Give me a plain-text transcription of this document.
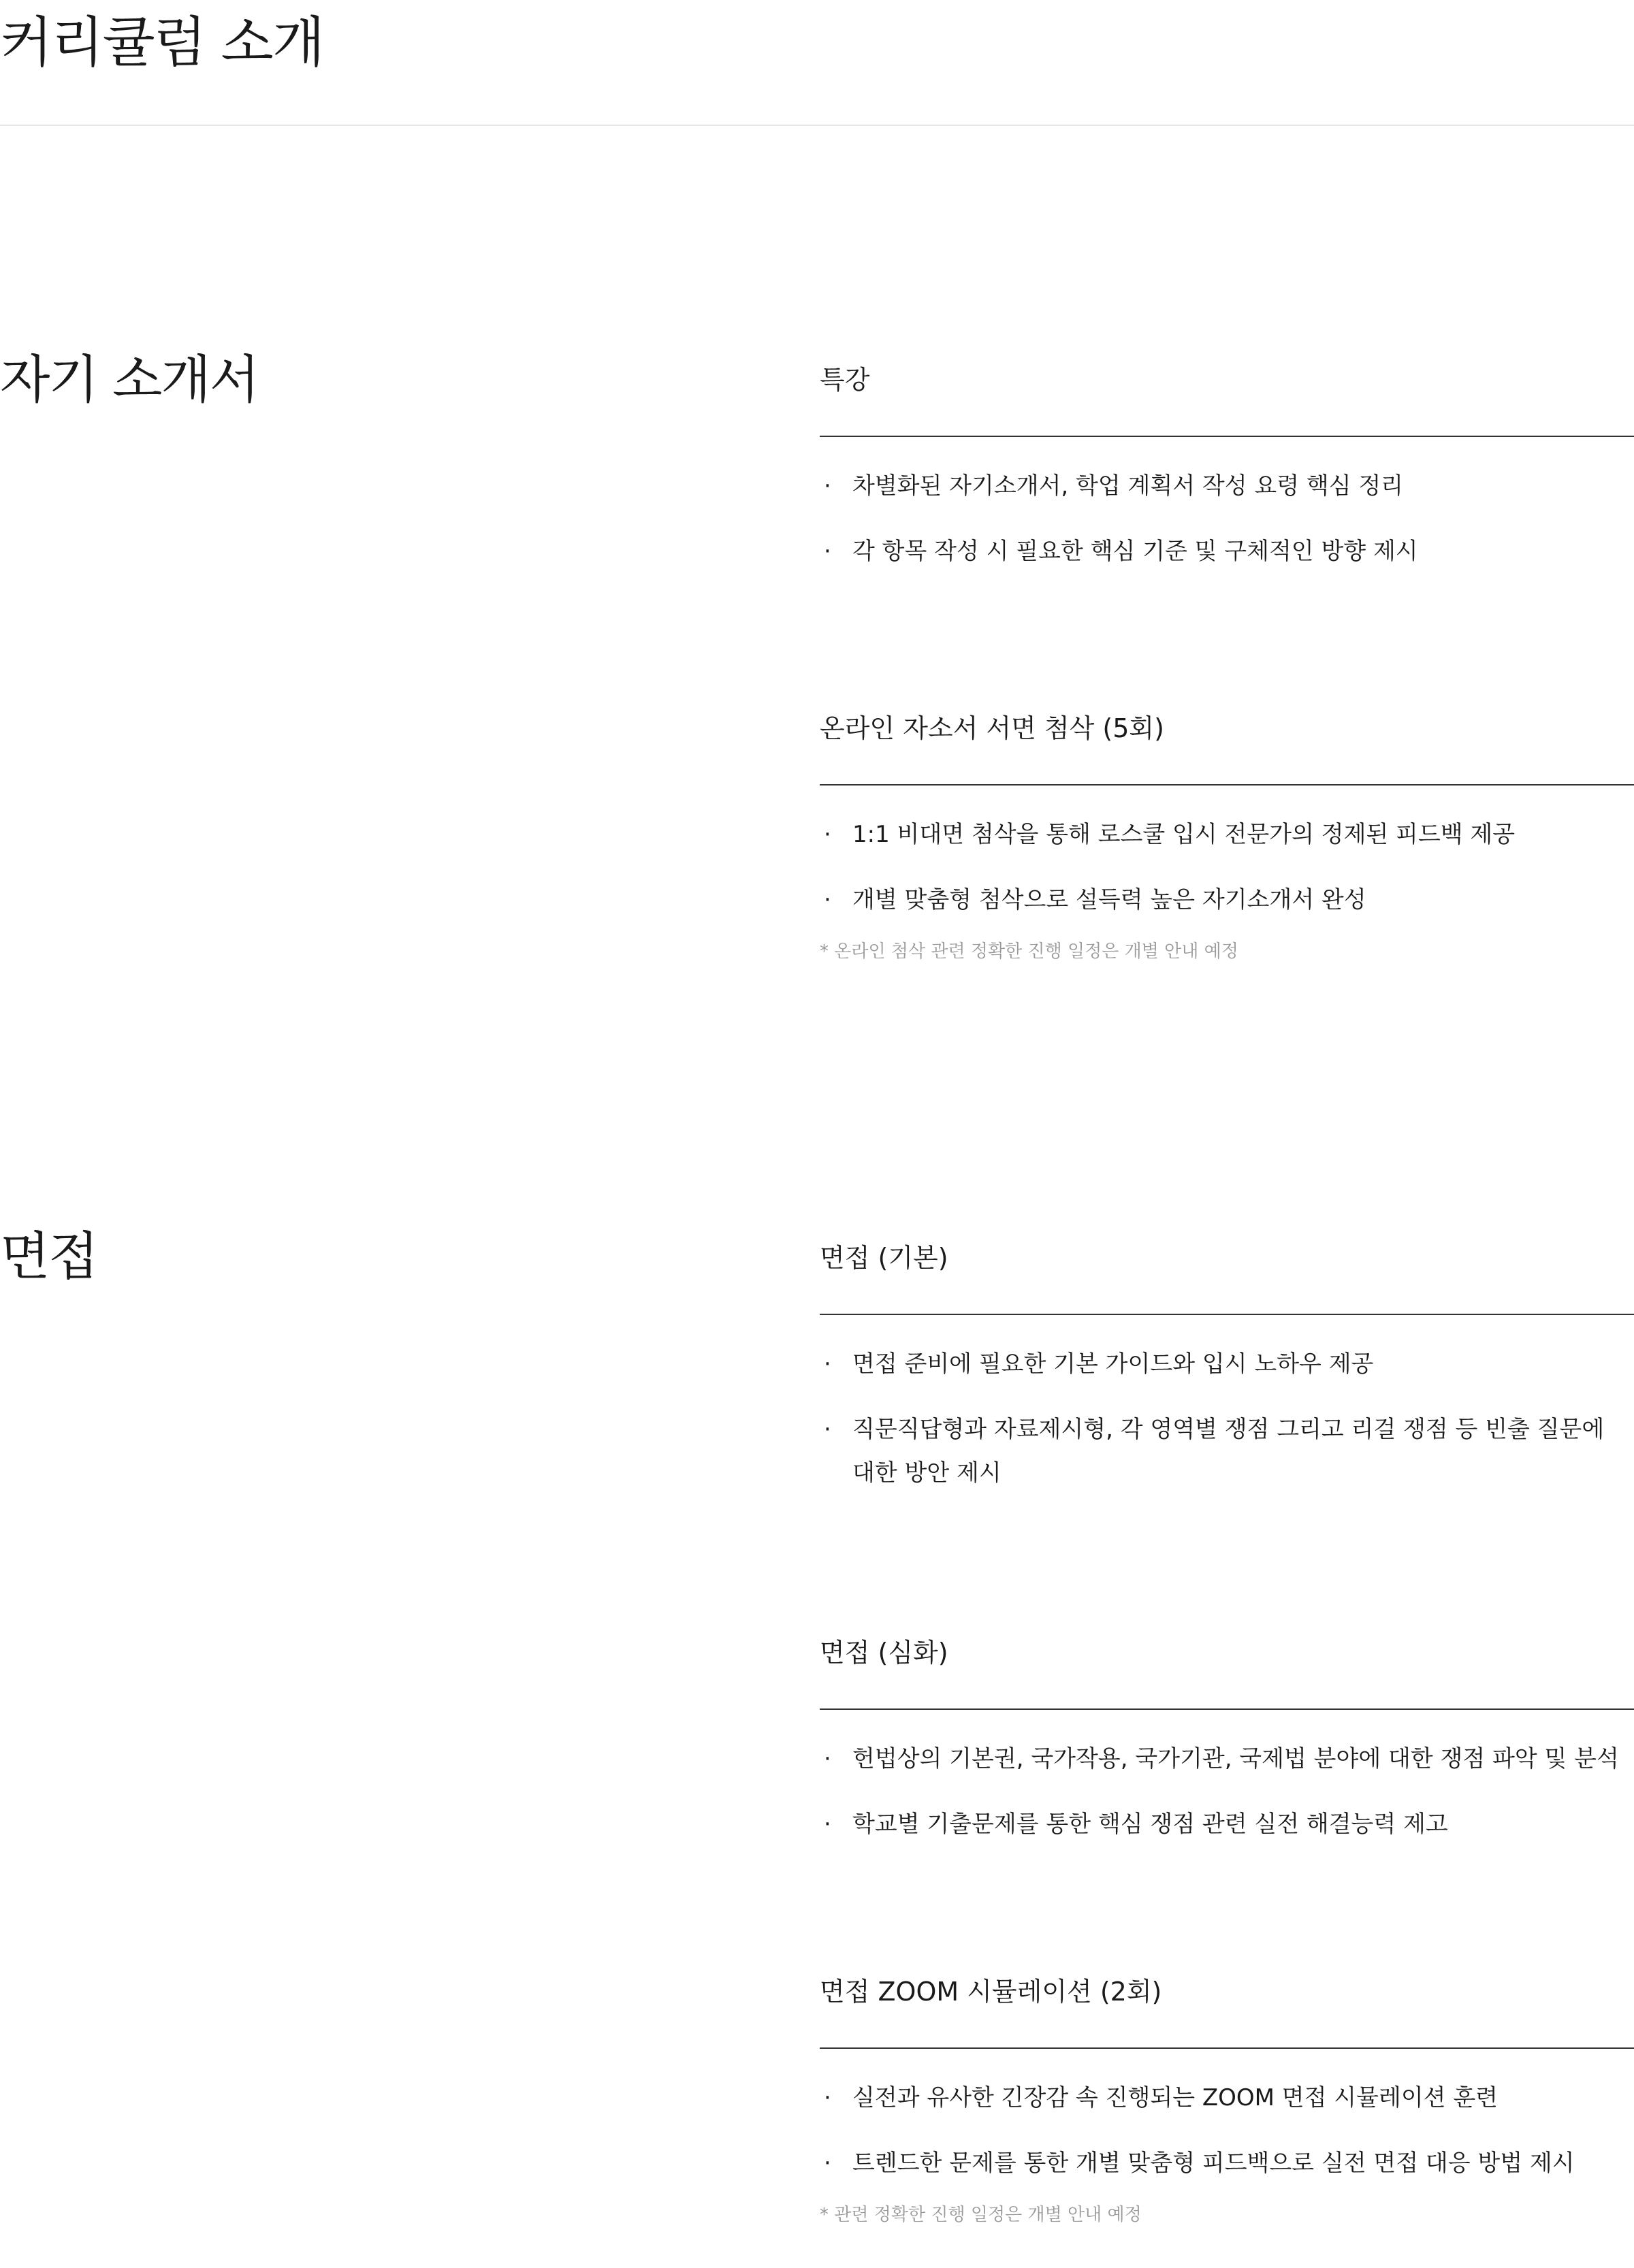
커리큘럼 소개
자기 소개서	특강
· 차별화된 자기소개서, 학업 계획서 작성 요령 핵심 정리
· 각 항목 작성 시 필요한 핵심 기준 및 구체적인 방향 제시
온라인 자소서 서면 첨삭 (5회)
· 1:1 비대면 첨삭을 통해 로스쿨 입시 전문가의 정제된 피드백 제공
· 개별 맞춤형 첨삭으로 설득력 높은 자기소개서 완성

* 온라인 첨삭 관련 정확한 진행 일정은 개별 안내 예정

면접	면접 (기본)
· 면접 준비에 필요한 기본 가이드와 입시 노하우 제공
· 직문직답형과 자료제시형, 각 영역별 쟁점 그리고 리걸 쟁점 등 빈출 질문에 대한 방안 제시
면접 (심화)
· 헌법상의 기본권, 국가작용, 국가기관, 국제법 분야에 대한 쟁점 파악 및 분석
· 학교별 기출문제를 통한 핵심 쟁점 관련 실전 해결능력 제고
면접 ZOOM 시뮬레이션 (2회)
· 실전과 유사한 긴장감 속 진행되는 ZOOM 면접 시뮬레이션 훈련
· 트렌드한 문제를 통한 개별 맞춤형 피드백으로 실전 면접 대응 방법 제시

* 관련 정확한 진행 일정은 개별 안내 예정
